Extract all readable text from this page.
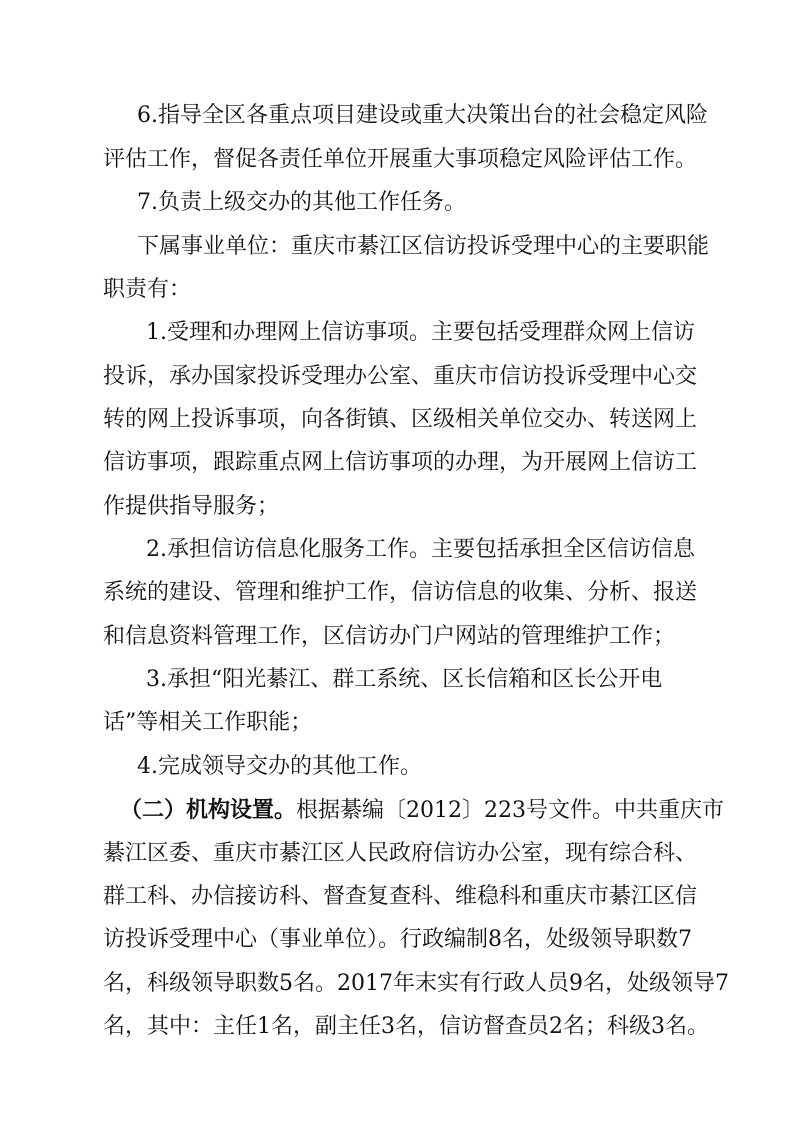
6.指导全区各重点项目建设或重大决策出台的社会稳定风险
评估工作，督促各责任单位开展重大事项稳定风险评估工作。
7.负责上级交办的其他工作任务。
下属事业单位：重庆市綦江区信访投诉受理中心的主要职能
职责有：
1.受理和办理网上信访事项。主要包括受理群众网上信访
投诉，承办国家投诉受理办公室、重庆市信访投诉受理中心交
转的网上投诉事项，向各街镇、区级相关单位交办、转送网上
信访事项，跟踪重点网上信访事项的办理，为开展网上信访工
作提供指导服务；
2.承担信访信息化服务工作。主要包括承担全区信访信息
系统的建设、管理和维护工作，信访信息的收集、分析、报送
和信息资料管理工作，区信访办门户网站的管理维护工作；
3.承担“阳光綦江、群工系统、区长信箱和区长公开电
话”等相关工作职能；
4.完成领导交办的其他工作。
（二）机构设置。根据綦编〔2012〕223号文件。中共重庆市
綦江区委、重庆市綦江区人民政府信访办公室，现有综合科、
群工科、办信接访科、督查复查科、维稳科和重庆市綦江区信
访投诉受理中心（事业单位）。行政编制8名，处级领导职数7
名，科级领导职数5名。2017年末实有行政人员9名，处级领导7
名，其中：主任1名，副主任3名，信访督查员2名；科级3名。
